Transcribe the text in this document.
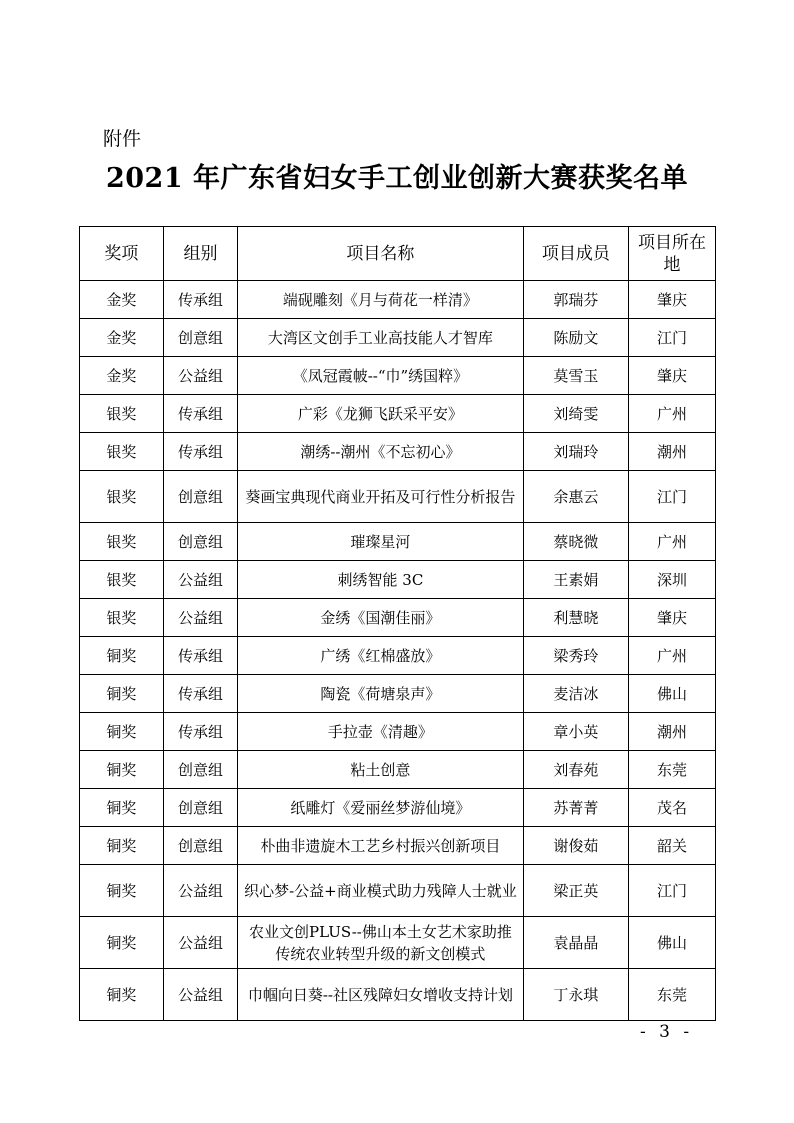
附件
2021 年广东省妇女手工创业创新大赛获奖名单
奖项	组别	项目名称	项目成员	项目所在地
金奖	传承组	端砚雕刻《月与荷花一样清》	郭瑞芬	肇庆
金奖	创意组	大湾区文创手工业高技能人才智库	陈励文	江门
金奖	公益组	《凤冠霞帔--“巾”绣国粹》	莫雪玉	肇庆
银奖	传承组	广彩《龙狮飞跃采平安》	刘绮雯	广州
银奖	传承组	潮绣--潮州《不忘初心》	刘瑞玲	潮州
银奖	创意组	葵画宝典现代商业开拓及可行性分析报告	余惠云	江门
银奖	创意组	璀璨星河	蔡晓微	广州
银奖	公益组	刺绣智能 3C	王素娟	深圳
银奖	公益组	金绣《国潮佳丽》	利慧晓	肇庆
铜奖	传承组	广绣《红棉盛放》	梁秀玲	广州
铜奖	传承组	陶瓷《荷塘泉声》	麦洁冰	佛山
铜奖	传承组	手拉壶《清趣》	章小英	潮州
铜奖	创意组	粘土创意	刘春苑	东莞
铜奖	创意组	纸雕灯《爱丽丝梦游仙境》	苏菁菁	茂名
铜奖	创意组	朴曲非遗旋木工艺乡村振兴创新项目	谢俊茹	韶关
铜奖	公益组	织心梦-公益+商业模式助力残障人士就业	梁正英	江门
铜奖	公益组	农业文创PLUS--佛山本土女艺术家助推传统农业转型升级的新文创模式	袁晶晶	佛山
铜奖	公益组	巾帼向日葵--社区残障妇女增收支持计划	丁永琪	东莞
- 3 -
